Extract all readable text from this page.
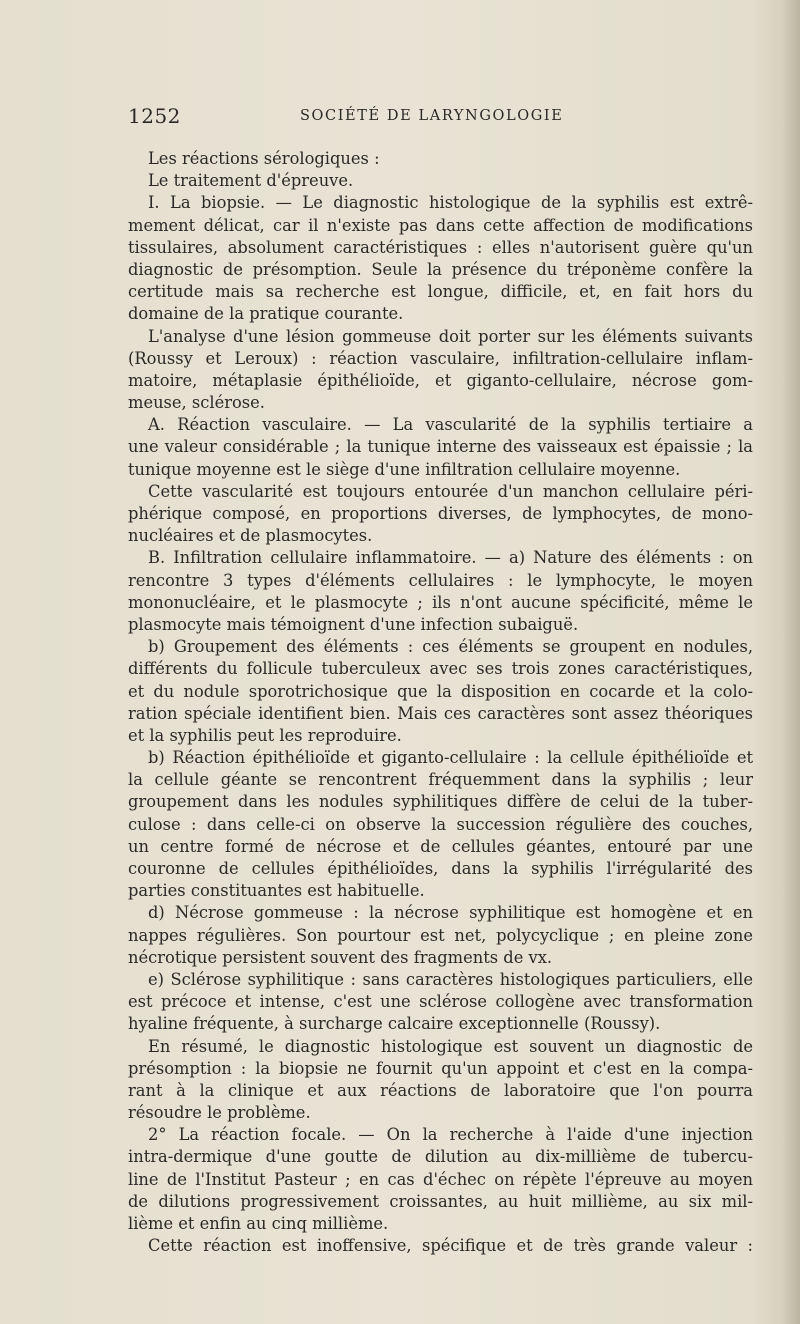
1252	SOCIÉTÉ DE LARYNGOLOGIE
Les réactions sérologiques :
Le traitement d'épreuve.
I. La biopsie. — Le diagnostic histologique de la syphilis est extrê-
mement délicat, car il n'existe pas dans cette affection de modifications
tissulaires, absolument caractéristiques : elles n'autorisent guère qu'un
diagnostic de présomption. Seule la présence du tréponème confère la
certitude mais sa recherche est longue, difficile, et, en fait hors du
domaine de la pratique courante.
L'analyse d'une lésion gommeuse doit porter sur les éléments suivants
(Roussy et Leroux) : réaction vasculaire, infiltration-cellulaire inflam-
matoire, métaplasie épithélioïde, et giganto-cellulaire, nécrose gom-
meuse, sclérose.
A. Réaction vasculaire. — La vascularité de la syphilis tertiaire a
une valeur considérable ; la tunique interne des vaisseaux est épaissie ; la
tunique moyenne est le siège d'une infiltration cellulaire moyenne.
Cette vascularité est toujours entourée d'un manchon cellulaire péri-
phérique composé, en proportions diverses, de lymphocytes, de mono-
nucléaires et de plasmocytes.
B. Infiltration cellulaire inflammatoire. — a) Nature des éléments : on
rencontre 3 types d'éléments cellulaires : le lymphocyte, le moyen
mononucléaire, et le plasmocyte ; ils n'ont aucune spécificité, même le
plasmocyte mais témoignent d'une infection subaiguë.
b) Groupement des éléments : ces éléments se groupent en nodules,
différents du follicule tuberculeux avec ses trois zones caractéristiques,
et du nodule sporotrichosique que la disposition en cocarde et la colo-
ration spéciale identifient bien. Mais ces caractères sont assez théoriques
et la syphilis peut les reproduire.
b) Réaction épithélioïde et giganto-cellulaire : la cellule épithélioïde et
la cellule géante se rencontrent fréquemment dans la syphilis ; leur
groupement dans les nodules syphilitiques diffère de celui de la tuber-
culose : dans celle-ci on observe la succession régulière des couches,
un centre formé de nécrose et de cellules géantes, entouré par une
couronne de cellules épithélioïdes, dans la syphilis l'irrégularité des
parties constituantes est habituelle.
d) Nécrose gommeuse : la nécrose syphilitique est homogène et en
nappes régulières. Son pourtour est net, polycyclique ; en pleine zone
nécrotique persistent souvent des fragments de vx.
e) Sclérose syphilitique : sans caractères histologiques particuliers, elle
est précoce et intense, c'est une sclérose collogène avec transformation
hyaline fréquente, à surcharge calcaire exceptionnelle (Roussy).
En résumé, le diagnostic histologique est souvent un diagnostic de
présomption : la biopsie ne fournit qu'un appoint et c'est en la compa-
rant à la clinique et aux réactions de laboratoire que l'on pourra
résoudre le problème.
2° La réaction focale. — On la recherche à l'aide d'une injection
intra-dermique d'une goutte de dilution au dix-millième de tubercu-
line de l'Institut Pasteur ; en cas d'échec on répète l'épreuve au moyen
de dilutions progressivement croissantes, au huit millième, au six mil-
lième et enfin au cinq millième.
Cette réaction est inoffensive, spécifique et de très grande valeur :
